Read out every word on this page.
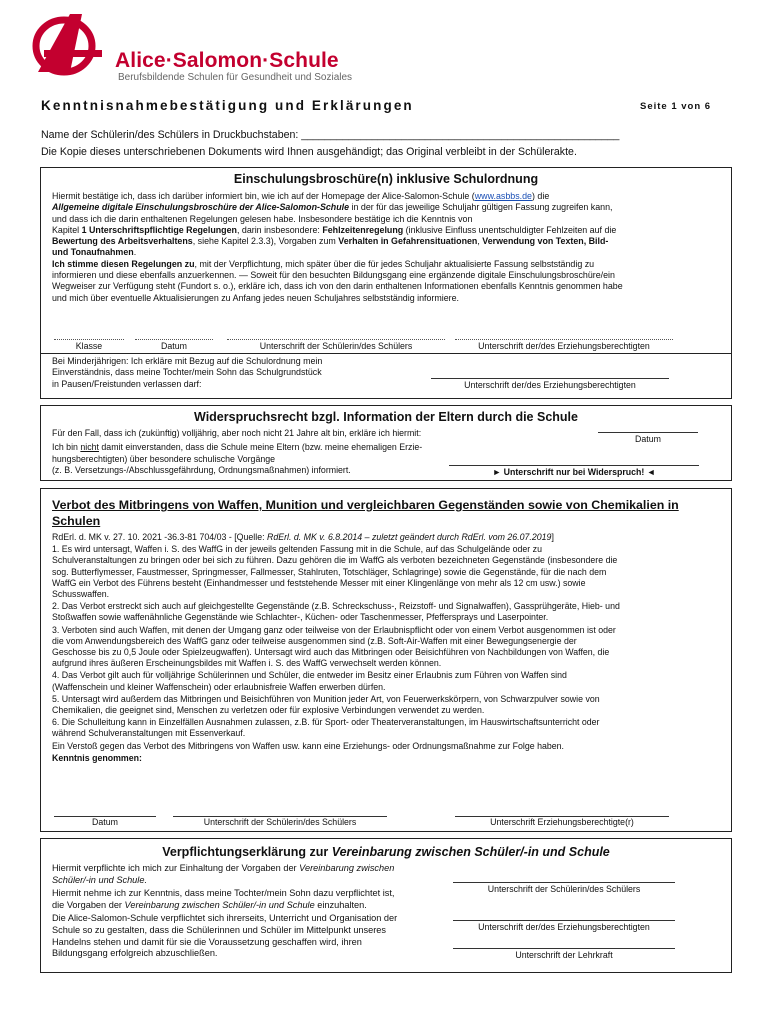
Alice·Salomon·Schule
Berufsbildende Schulen für Gesundheit und Soziales
Kenntnisnahmebestätigung und Erklärungen	Seite 1 von 6
Name der Schülerin/des Schülers in Druckbuchstaben: ______________________________________________________
Die Kopie dieses unterschriebenen Dokuments wird Ihnen ausgehändigt; das Original verbleibt in der Schülerakte.
Einschulungsbroschüre(n) inklusive Schulordnung

Hiermit bestätige ich, dass ich darüber informiert bin, wie ich auf der Homepage der Alice-Salomon-Schule (www.asbbs.de) die

Allgemeine digitale Einschulungsbroschüre der Alice-Salomon-Schule in der für das jeweilige Schuljahr gültigen Fassung zugreifen kann,

und dass ich die darin enthaltenen Regelungen gelesen habe. Insbesondere bestätige ich die Kenntnis von

Kapitel 1 Unterschriftspflichtige Regelungen, darin insbesondere: Fehlzeitenregelung (inklusive Einfluss unentschuldigter Fehlzeiten auf die

Bewertung des Arbeitsverhaltens, siehe Kapitel 2.3.3), Vorgaben zum Verhalten in Gefahrensituationen, Verwendung von Texten, Bild-

und Tonaufnahmen.

Ich stimme diesen Regelungen zu, mit der Verpflichtung, mich später über die für jedes Schuljahr aktualisierte Fassung selbstständig zu

informieren und diese ebenfalls anzuerkennen. — Soweit für den besuchten Bildungsgang eine ergänzende digitale Einschulungsbroschüre/ein

Wegweiser zur Verfügung steht (Fundort s. o.), erkläre ich, dass ich von den darin enthaltenen Informationen ebenfalls Kenntnis genommen habe

und mich über eventuelle Aktualisierungen zu Anfang jedes neuen Schuljahres selbstständig informiere.

Klasse	Datum	Unterschrift der Schülerin/des Schülers	Unterschrift der/des Erziehungsberechtigten

Bei Minderjährigen: Ich erkläre mit Bezug auf die Schulordnung mein

Einverständnis, dass meine Tochter/mein Sohn das Schulgrundstück

in Pausen/Freistunden verlassen darf:	Unterschrift der/des Erziehungsberechtigten
Widerspruchsrecht bzgl. Information der Eltern durch die Schule

Für den Fall, dass ich (zukünftig) volljährig, aber noch nicht 21 Jahre alt bin, erkläre ich hiermit:

Ich bin nicht damit einverstanden, dass die Schule meine Eltern (bzw. meine ehemaligen Erzie-

hungsberechtigten) über besondere schulische Vorgänge

(z. B. Versetzungs-/Abschlussgefährdung, Ordnungsmaßnahmen) informiert.

Datum
► Unterschrift nur bei Widerspruch! ◄
Verbot des Mitbringens von Waffen, Munition und vergleichbaren Gegenständen sowie von Chemikalien in
Schulen

RdErl. d. MK v. 27. 10. 2021 -36.3-81 704/03 - [Quelle: RdErl. d. MK v. 6.8.2014 – zuletzt geändert durch RdErl. vom 26.07.2019]

1. Es wird untersagt, Waffen i. S. des WaffG in der jeweils geltenden Fassung mit in die Schule, auf das Schulgelände oder zu

Schulveranstaltungen zu bringen oder bei sich zu führen. Dazu gehören die im WaffG als verboten bezeichneten Gegenstände (insbesondere die

sog. Butterflymesser, Faustmesser, Springmesser, Fallmesser, Stahlruten, Totschläger, Schlagringe) sowie die Gegenstände, für die nach dem

WaffG ein Verbot des Führens besteht (Einhandmesser und feststehende Messer mit einer Klingenlänge von mehr als 12 cm usw.) sowie

Schusswaffen.

2. Das Verbot erstreckt sich auch auf gleichgestellte Gegenstände (z.B. Schreckschuss-, Reizstoff- und Signalwaffen), Gassprühgeräte, Hieb- und

Stoßwaffen sowie waffenähnliche Gegenstände wie Schlachter-, Küchen- oder Taschenmesser, Pfeffersprays und Laserpointer.

3. Verboten sind auch Waffen, mit denen der Umgang ganz oder teilweise von der Erlaubnispflicht oder von einem Verbot ausgenommen ist oder

die vom Anwendungsbereich des WaffG ganz oder teilweise ausgenommen sind (z.B. Soft-Air-Waffen mit einer Bewegungsenergie der

Geschosse bis zu 0,5 Joule oder Spielzeugwaffen). Untersagt wird auch das Mitbringen oder Beisichführen von Nachbildungen von Waffen, die

aufgrund ihres äußeren Erscheinungsbildes mit Waffen i. S. des WaffG verwechselt werden können.

4. Das Verbot gilt auch für volljährige Schülerinnen und Schüler, die entweder im Besitz einer Erlaubnis zum Führen von Waffen sind

(Waffenschein und kleiner Waffenschein) oder erlaubnisfreie Waffen erwerben dürfen.

5. Untersagt wird außerdem das Mitbringen und Beisichführen von Munition jeder Art, von Feuerwerkskörpern, von Schwarzpulver sowie von

Chemikalien, die geeignet sind, Menschen zu verletzen oder für explosive Verbindungen verwendet zu werden.

6. Die Schulleitung kann in Einzelfällen Ausnahmen zulassen, z.B. für Sport- oder Theaterveranstaltungen, im Hauswirtschaftsunterricht oder

während Schulveranstaltungen mit Essenverkauf.

Ein Verstoß gegen das Verbot des Mitbringens von Waffen usw. kann eine Erziehungs- oder Ordnungsmaßnahme zur Folge haben.

Kenntnis genommen:

Datum	Unterschrift der Schülerin/des Schülers	Unterschrift Erziehungsberechtigte(r)
Verpflichtungserklärung zur Vereinbarung zwischen Schüler/-in und Schule

Hiermit verpflichte ich mich zur Einhaltung der Vorgaben der Vereinbarung zwischen

Schüler/-in und Schule.

Hiermit nehme ich zur Kenntnis, dass meine Tochter/mein Sohn dazu verpflichtet ist,

die Vorgaben der Vereinbarung zwischen Schüler/-in und Schule einzuhalten.

Die Alice-Salomon-Schule verpflichtet sich ihrerseits, Unterricht und Organisation der

Schule so zu gestalten, dass die Schülerinnen und Schüler im Mittelpunkt unseres

Handelns stehen und damit für sie die Voraussetzung geschaffen wird, ihren

Bildungsgang erfolgreich abzuschließen.

Unterschrift der Schülerin/des Schülers
Unterschrift der/des Erziehungsberechtigten
Unterschrift der Lehrkraft
